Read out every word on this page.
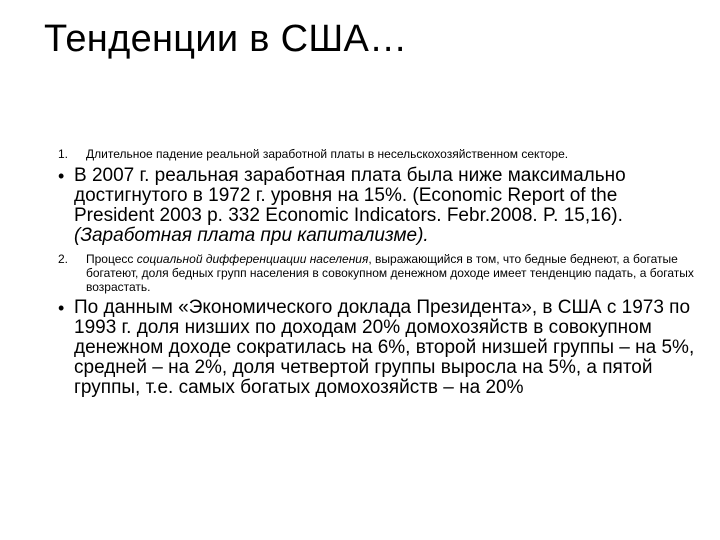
Тенденции в США…
1.	Длительное падение реальной заработной платы в несельскохозяйственном секторе.
• В 2007 г. реальная заработная плата была ниже максимально достигнутого в 1972 г. уровня на 15%. (Economic Report of the President 2003 p. 332 Economic Indicators. Febr.2008. P. 15,16). (Заработная плата при капитализме).
2.	Процесс социальной дифференциации населения, выражающийся в том, что бедные беднеют, а богатые богатеют, доля бедных групп населения в совокупном денежном доходе имеет тенденцию падать, а богатых возрастать.
• По данным «Экономического доклада Президента», в США с 1973 по 1993 г. доля низших по доходам 20% домохозяйств в совокупном денежном доходе сократилась на 6%, второй низшей группы – на 5%, средней – на 2%, доля четвертой группы выросла на 5%, а пятой группы, т.е. самых богатых домохозяйств – на 20%
